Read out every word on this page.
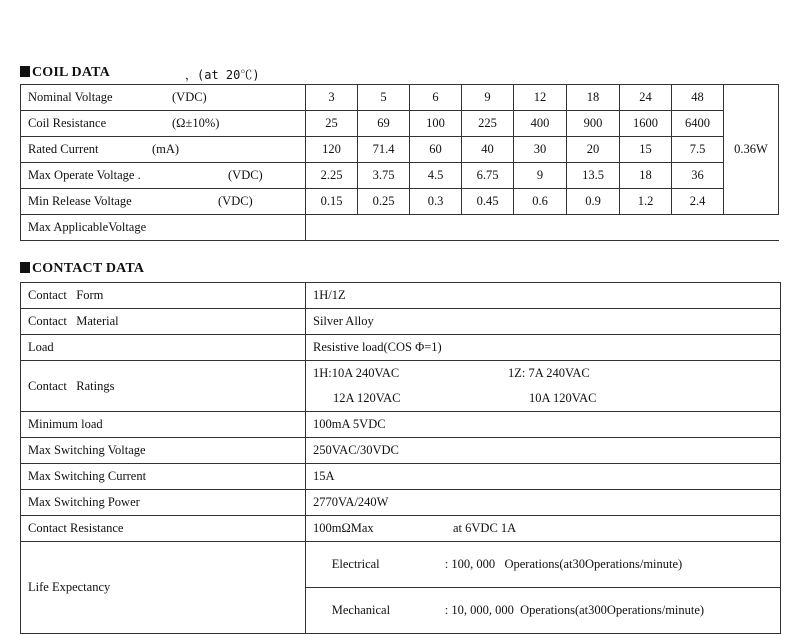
COIL DATA	，(at 20℃)
Nominal Voltage (VDC)	3	5	6	9	12	18	24	48	0.36W
Coil Resistance (Ω±10%)	25	69	100	225	400	900	1600	6400	
Rated Current (mA)	120	71.4	60	40	30	20	15	7.5	
Max Operate Voltage . (VDC)	2.25	3.75	4.5	6.75	9	13.5	18	36	
Min Release Voltage (VDC)	0.15	0.25	0.3	0.45	0.6	0.9	1.2	2.4	
Max ApplicableVoltage									
CONTACT DATA
Contact   Form	1H/1Z
Contact   Material	Silver Alloy
Load	Resistive load(COS Φ=1)
Contact   Ratings	1H:10A 240VAC 1Z: 7A 240VAC
	12A 120VAC 10A 120VAC
Minimum load	100mA 5VDC
Max Switching Voltage	250VAC/30VDC
Max Switching Current	15A
Max Switching Power	2770VA/240W
Contact Resistance	100mΩMax at 6VDC 1A
Life Expectancy	Electrical : 100, 000   Operations(at30Operations/minute)

Mechanical : 10, 000, 000  Operations(at300Operations/minute)
